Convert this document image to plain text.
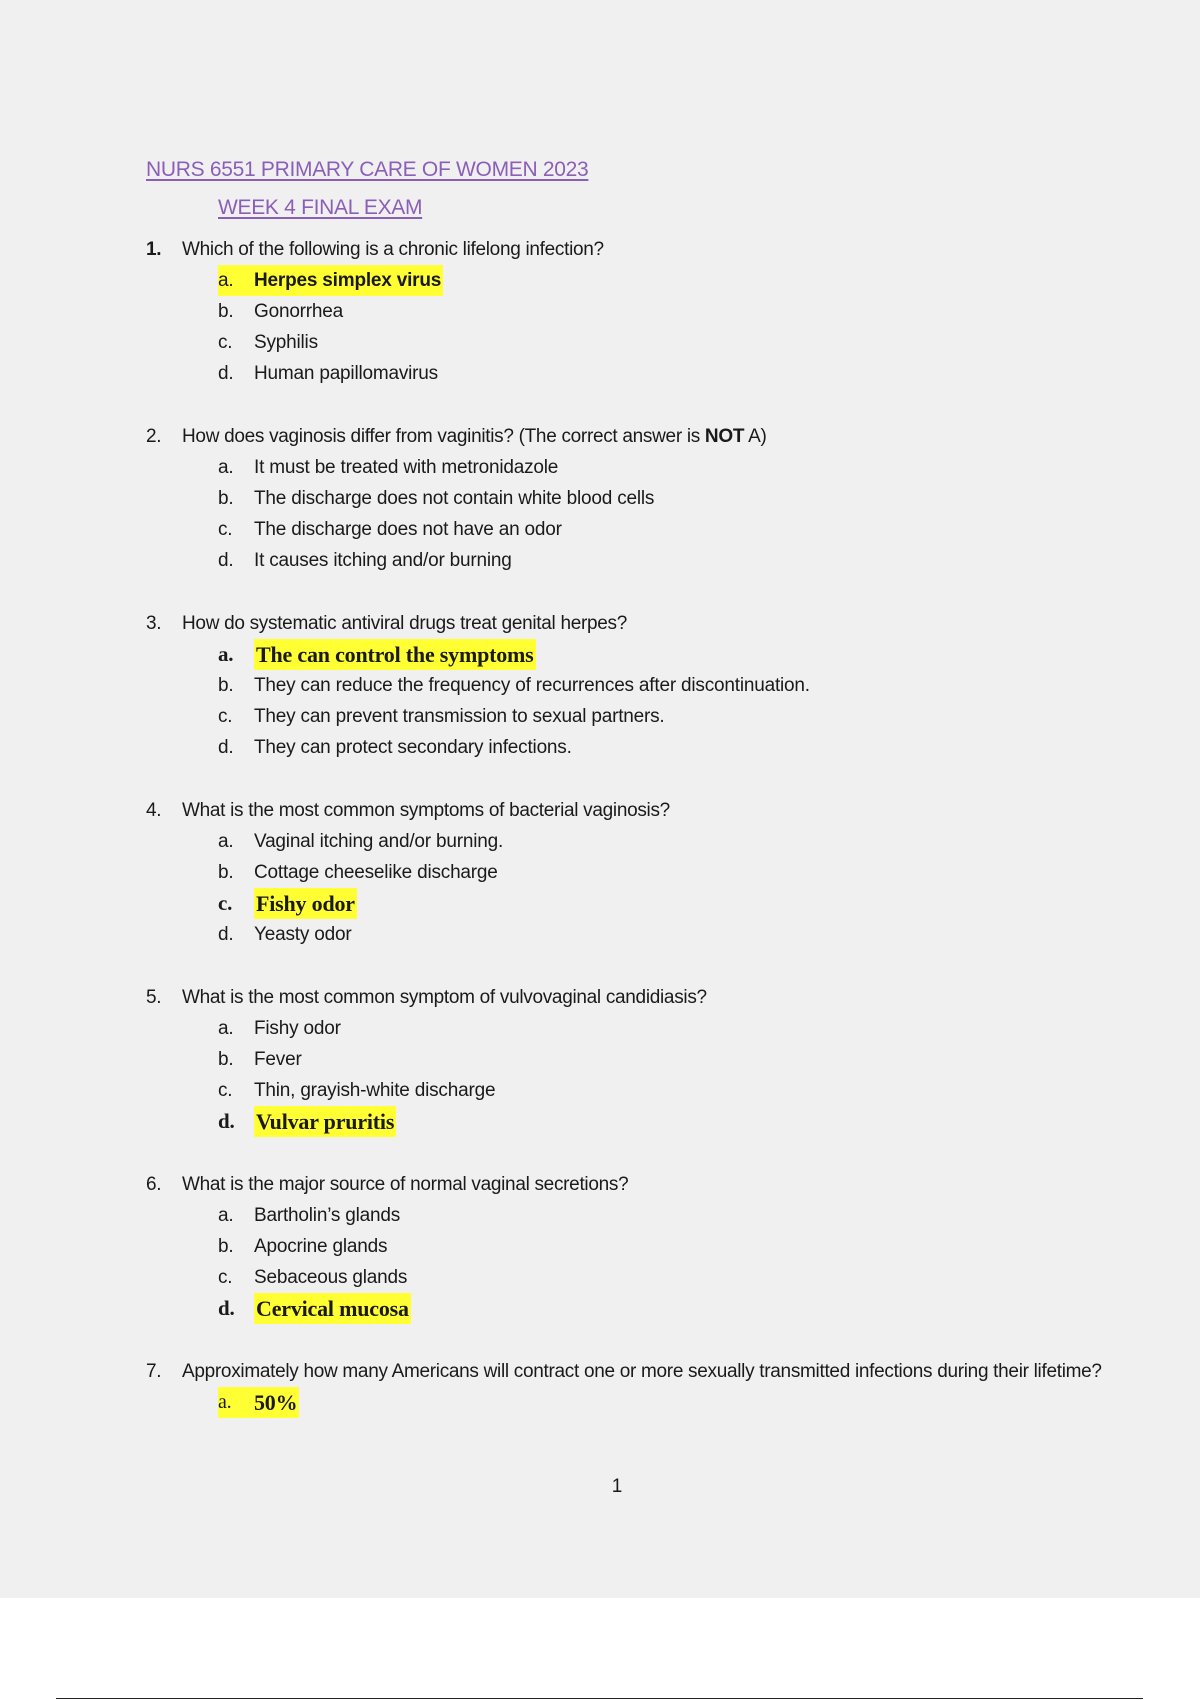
NURS 6551 PRIMARY CARE OF WOMEN 2023
WEEK 4 FINAL EXAM
1.	Which of the following is a chronic lifelong infection?
a.	Herpes simplex virus
b.	Gonorrhea
c.	Syphilis
d.	Human papillomavirus
2.	How does vaginosis differ from vaginitis? (The correct answer is NOT A)
a.	It must be treated with metronidazole
b.	The discharge does not contain white blood cells
c.	The discharge does not have an odor
d.	It causes itching and/or burning
3.	How do systematic antiviral drugs treat genital herpes?
a.	The can control the symptoms
b.	They can reduce the frequency of recurrences after discontinuation.
c.	They can prevent transmission to sexual partners.
d.	They can protect secondary infections.
4.	What is the most common symptoms of bacterial vaginosis?
a.	Vaginal itching and/or burning.
b.	Cottage cheeselike discharge
c.	Fishy odor
d.	Yeasty odor
5.	What is the most common symptom of vulvovaginal candidiasis?
a.	Fishy odor
b.	Fever
c.	Thin, grayish-white discharge
d. Vulvar pruritis
6.	What is the major source of normal vaginal secretions?
a.	Bartholin’s glands
b.	Apocrine glands
c.	Sebaceous glands
d. Cervical mucosa
7.	Approximately how many Americans will contract one or more sexually transmitted infections during their lifetime?
a.	50%
1
